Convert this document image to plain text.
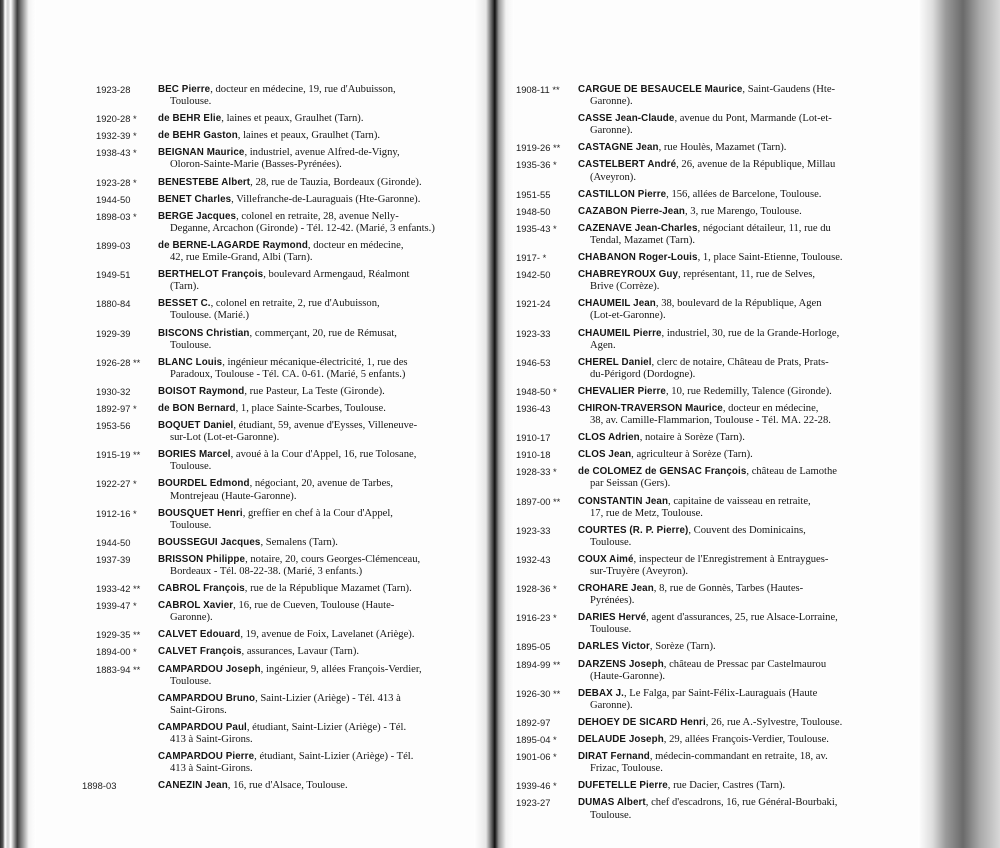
1923-28	BEC Pierre, docteur en médecine, 19, rue d'Aubuisson,
Toulouse.
1920-28 *	de BEHR Elie, laines et peaux, Graulhet (Tarn).
1932-39 *	de BEHR Gaston, laines et peaux, Graulhet (Tarn).
1938-43 *	BEIGNAN Maurice, industriel, avenue Alfred-de-Vigny,
Oloron-Sainte-Marie (Basses-Pyrénées).
1923-28 *	BENESTEBE Albert, 28, rue de Tauzia, Bordeaux (Gironde).
1944-50	BENET Charles, Villefranche-de-Lauraguais (Hte-Garonne).
1898-03 *	BERGE Jacques, colonel en retraite, 28, avenue Nelly-
Deganne, Arcachon (Gironde) - Tél. 12-42. (Marié, 3 enfants.)
1899-03	de BERNE-LAGARDE Raymond, docteur en médecine,
42, rue Emile-Grand, Albi (Tarn).
1949-51	BERTHELOT François, boulevard Armengaud, Réalmont
(Tarn).
1880-84	BESSET C., colonel en retraite, 2, rue d'Aubuisson,
Toulouse. (Marié.)
1929-39	BISCONS Christian, commerçant, 20, rue de Rémusat,
Toulouse.
1926-28 **	BLANC Louis, ingénieur mécanique-électricité, 1, rue des
Paradoux, Toulouse - Tél. CA. 0-61. (Marié, 5 enfants.)
1930-32	BOISOT Raymond, rue Pasteur, La Teste (Gironde).
1892-97 *	de BON Bernard, 1, place Sainte-Scarbes, Toulouse.
1953-56	BOQUET Daniel, étudiant, 59, avenue d'Eysses, Villeneuve-
sur-Lot (Lot-et-Garonne).
1915-19 **	BORIES Marcel, avoué à la Cour d'Appel, 16, rue Tolosane,
Toulouse.
1922-27 *	BOURDEL Edmond, négociant, 20, avenue de Tarbes,
Montrejeau (Haute-Garonne).
1912-16 *	BOUSQUET Henri, greffier en chef à la Cour d'Appel,
Toulouse.
1944-50	BOUSSEGUI Jacques, Semalens (Tarn).
1937-39	BRISSON Philippe, notaire, 20, cours Georges-Clémenceau,
Bordeaux - Tél. 08-22-38. (Marié, 3 enfants.)
1933-42 **	CABROL François, rue de la République Mazamet (Tarn).
1939-47 *	CABROL Xavier, 16, rue de Cueven, Toulouse (Haute-
Garonne).
1929-35 **	CALVET Edouard, 19, avenue de Foix, Lavelanet (Ariège).
1894-00 *	CALVET François, assurances, Lavaur (Tarn).
1883-94 **	CAMPARDOU Joseph, ingénieur, 9, allées François-Verdier,
Toulouse.
CAMPARDOU Bruno, Saint-Lizier (Ariège) - Tél. 413 à
Saint-Girons.
CAMPARDOU Paul, étudiant, Saint-Lizier (Ariège) - Tél.
413 à Saint-Girons.
CAMPARDOU Pierre, étudiant, Saint-Lizier (Ariège) - Tél.
413 à Saint-Girons.
1898-03	CANEZIN Jean, 16, rue d'Alsace, Toulouse.
1908-11 **	CARGUE DE BESAUCELE Maurice, Saint-Gaudens (Hte-
Garonne).
CASSE Jean-Claude, avenue du Pont, Marmande (Lot-et-
Garonne).
1919-26 **	CASTAGNE Jean, rue Houlès, Mazamet (Tarn).
1935-36 *	CASTELBERT André, 26, avenue de la République, Millau
(Aveyron).
1951-55	CASTILLON Pierre, 156, allées de Barcelone, Toulouse.
1948-50	CAZABON Pierre-Jean, 3, rue Marengo, Toulouse.
1935-43 *	CAZENAVE Jean-Charles, négociant détaileur, 11, rue du
Tendal, Mazamet (Tarn).
1917- *	CHABANON Roger-Louis, 1, place Saint-Etienne, Toulouse.
1942-50	CHABREYROUX Guy, représentant, 11, rue de Selves,
Brive (Corrèze).
1921-24	CHAUMEIL Jean, 38, boulevard de la République, Agen
(Lot-et-Garonne).
1923-33	CHAUMEIL Pierre, industriel, 30, rue de la Grande-Horloge,
Agen.
1946-53	CHEREL Daniel, clerc de notaire, Château de Prats, Prats-
du-Périgord (Dordogne).
1948-50 *	CHEVALIER Pierre, 10, rue Redemilly, Talence (Gironde).
1936-43	CHIRON-TRAVERSON Maurice, docteur en médecine,
38, av. Camille-Flammarion, Toulouse - Tél. MA. 22-28.
1910-17	CLOS Adrien, notaire à Sorèze (Tarn).
1910-18	CLOS Jean, agriculteur à Sorèze (Tarn).
1928-33 *	de COLOMEZ de GENSAC François, château de Lamothe
par Seissan (Gers).
1897-00 **	CONSTANTIN Jean, capitaine de vaisseau en retraite,
17, rue de Metz, Toulouse.
1923-33	COURTES (R. P. Pierre), Couvent des Dominicains,
Toulouse.
1932-43	COUX Aimé, inspecteur de l'Enregistrement à Entraygues-
sur-Truyère (Aveyron).
1928-36 *	CROHARE Jean, 8, rue de Gonnès, Tarbes (Hautes-
Pyrénées).
1916-23 *	DARIES Hervé, agent d'assurances, 25, rue Alsace-Lorraine,
Toulouse.
1895-05	DARLES Victor, Sorèze (Tarn).
1894-99 **	DARZENS Joseph, château de Pressac par Castelmaurou
(Haute-Garonne).
1926-30 **	DEBAX J., Le Falga, par Saint-Félix-Lauraguais (Haute
Garonne).
1892-97	DEHOEY DE SICARD Henri, 26, rue A.-Sylvestre, Toulouse.
1895-04 *	DELAUDE Joseph, 29, allées François-Verdier, Toulouse.
1901-06 *	DIRAT Fernand, médecin-commandant en retraite, 18, av.
Frizac, Toulouse.
1939-46 *	DUFETELLE Pierre, rue Dacier, Castres (Tarn).
1923-27	DUMAS Albert, chef d'escadrons, 16, rue Général-Bourbaki,
Toulouse.
